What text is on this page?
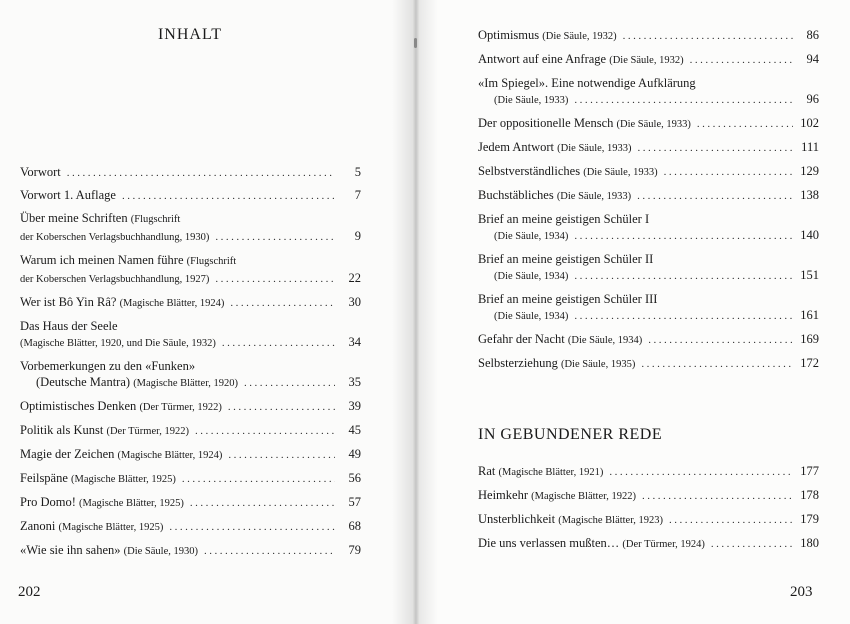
INHALT
Vorwort .....	5
Vorwort 1. Auflage .....	7
Über meine Schriften (Flugschrift
der Koberschen Verlagsbuchhandlung, 1930) .....	9
Warum ich meinen Namen führe (Flugschrift
der Koberschen Verlagsbuchhandlung, 1927) .....	22
Wer ist Bô Yin Râ? (Magische Blätter, 1924) .....	30
Das Haus der Seele
(Magische Blätter, 1920, und Die Säule, 1932) .....	34
Vorbemerkungen zu den «Funken»
(Deutsche Mantra) (Magische Blätter, 1920) .....	35
Optimistisches Denken (Der Türmer, 1922) .....	39
Politik als Kunst (Der Türmer, 1922) .....	45
Magie der Zeichen (Magische Blätter, 1924) .....	49
Feilspäne (Magische Blätter, 1925) .....	56
Pro Domo! (Magische Blätter, 1925) .....	57
Zanoni (Magische Blätter, 1925) .....	68
«Wie sie ihn sahen» (Die Säule, 1930) .....	79

202

Optimismus (Die Säule, 1932) .....	86
Antwort auf eine Anfrage (Die Säule, 1932) .....	94
«Im Spiegel». Eine notwendige Aufklärung
(Die Säule, 1933) .....	96
Der oppositionelle Mensch (Die Säule, 1933) .....	102
Jedem Antwort (Die Säule, 1933) .....	111
Selbstverständliches (Die Säule, 1933) .....	129
Buchstäbliches (Die Säule, 1933) .....	138
Brief an meine geistigen Schüler I
(Die Säule, 1934) .....	140
Brief an meine geistigen Schüler II
(Die Säule, 1934) .....	151
Brief an meine geistigen Schüler III
(Die Säule, 1934) .....	161
Gefahr der Nacht (Die Säule, 1934) .....	169
Selbsterziehung (Die Säule, 1935) .....	172
IN GEBUNDENER REDE
Rat (Magische Blätter, 1921) .....	177
Heimkehr (Magische Blätter, 1922) .....	178
Unsterblichkeit (Magische Blätter, 1923) .....	179
Die uns verlassen mußten… (Der Türmer, 1924) .....	180

203
